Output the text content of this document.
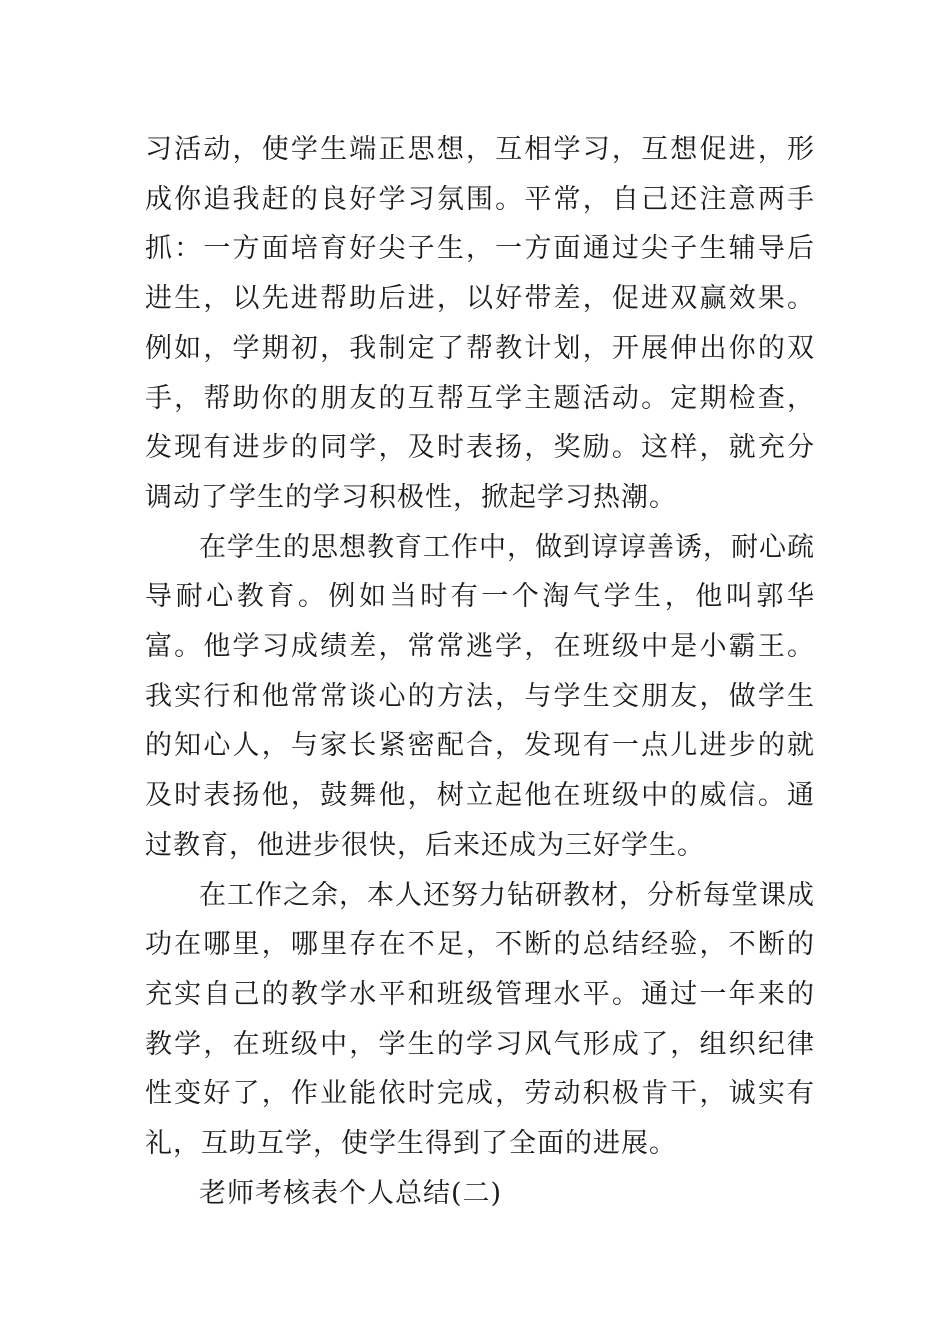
习活动，使学生端正思想，互相学习，互想促进，形成你追我赶的良好学习氛围。平常，自己还注意两手抓：一方面培育好尖子生，一方面通过尖子生辅导后进生，以先进帮助后进，以好带差，促进双赢效果。例如，学期初，我制定了帮教计划，开展伸出你的双手，帮助你的朋友的互帮互学主题活动。定期检查，发现有进步的同学，及时表扬，奖励。这样，就充分调动了学生的学习积极性，掀起学习热潮。

在学生的思想教育工作中，做到谆谆善诱，耐心疏导耐心教育。例如当时有一个淘气学生，他叫郭华富。他学习成绩差，常常逃学，在班级中是小霸王。我实行和他常常谈心的方法，与学生交朋友，做学生的知心人，与家长紧密配合，发现有一点儿进步的就及时表扬他，鼓舞他，树立起他在班级中的威信。通过教育，他进步很快，后来还成为三好学生。

在工作之余，本人还努力钻研教材，分析每堂课成功在哪里，哪里存在不足，不断的总结经验，不断的充实自己的教学水平和班级管理水平。通过一年来的教学，在班级中，学生的学习风气形成了，组织纪律性变好了，作业能依时完成，劳动积极肯干，诚实有礼，互助互学，使学生得到了全面的进展。

老师考核表个人总结(二)
